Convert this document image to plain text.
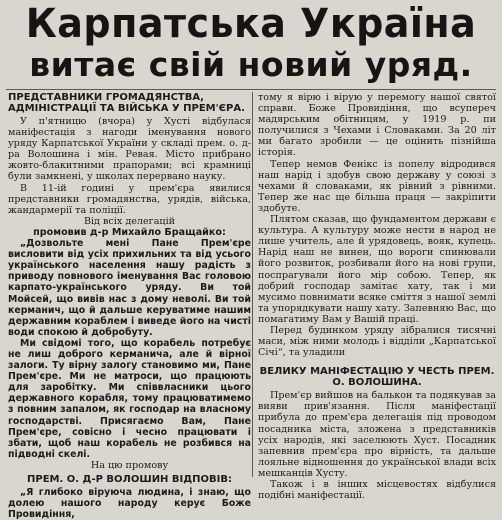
Карпатська Україна
витає свій новий уряд.
ПРЕДСТАВНИКИ ГРОМАДЯНСТВА, АДМІНІСТРАЦІЇ ТА ВІЙСЬКА У ПРЕМ'ЄРА.

У п'ятницю (вчора) у Хусті відбулася маніфестація з нагоди іменування нового уряду Карпатської України у складі прем. о. д-ра Волошина і мін. Ревая. Місто прибрано жовто-блакитними прапорами; всі крамниці були замкнені, у школах перервано науку.

В 11-ій годині у прем'єра явилися представники громадянства, урядів, війська, жандармерії та поліції.

Від всіх делегацій

промовив д-р Михайло Бращайко:

„Дозвольте мені Пане Прем'єре висловити від усіх прихильних та від усього українського населення нашу радість з приводу повнового іменування Вас головою карпато-українського уряду. Ви той Мойсей, що вивів нас з дому неволі. Ви той керманич, що й дальше керуватиме нашим державним кораблем і виведе його на чисті води спокою й добробуту.

Ми свідомі того, що корабель потребує не лиш доброго керманича, але й вірної залоги. Ту вірну залогу становимо ми, Пане Прем'єре. Ми не матроси, що працюють для заробітку. Ми співвласники цього державного корабля, тому працюватимемо з повним запалом, як господар на власному господарстві. Присягаємо Вам, Пане Прем'єре, совісно і чесно працювати і збати, щоб наш корабель не розбився на підводні скелі.

На цю промову

ПРЕМ. О. Д-Р ВОЛОШИН ВІДПОВІВ:

„Я глибоко віруюча людина, і знаю, що долею нашого народу керує Боже Провидіння,

тому я вірю і вірую у перемогу нашої святої справи. Боже Провидіння, що всупереч мадярським обітницям, у 1919 р. пи получилися з Чехами і Словаками. За 20 літ ми багато зробили — це оцінить пізнійша історія.

Тепер немов Фенікс із попелу відродився наш нарід і здобув свою державу у союзі з чехами й словаками, як рівний з рівними. Тепер же нас ще більша праця — закріпити здобуте.

Плятом сказав, що фундаментом держави є культура. А культуру може нести в народ не лише учитель, але й урядовець, вояк, купець. Нарід наш не винен, що вороги спинювали його розвиток, розбивали його на нові групи, поспрагували його мір собою. Тепер, як добрий господар замітає хату, так і ми мусимо повнимати всяке сміття з нашої землі та упорядкувати нашу хату. Запевняю Вас, що помагатиму Вам у Вашій праці.

Перед будинком уряду зібралися тисячні маси, між ними молодь і відділи „Карпатської Січі“, та уладили

ВЕЛИКУ МАНІФЕСТАЦІЮ У ЧЕСТЬ ПРЕМ. О. ВОЛОШИНА.

Прем'єр вийшов на балькон та подякував за вияви прив'язання. Після маніфестації прибула до прем'єра делегація під проводом посадника міста, зложена з представників усіх народів, які заселюють Хуст. Посадник запевнив прем'єра про вірність, та дальше лояльне відношення до української влади всіх мешканців Хусту.

Також і в інших місцевостях відбулися подібні маніфестації.
